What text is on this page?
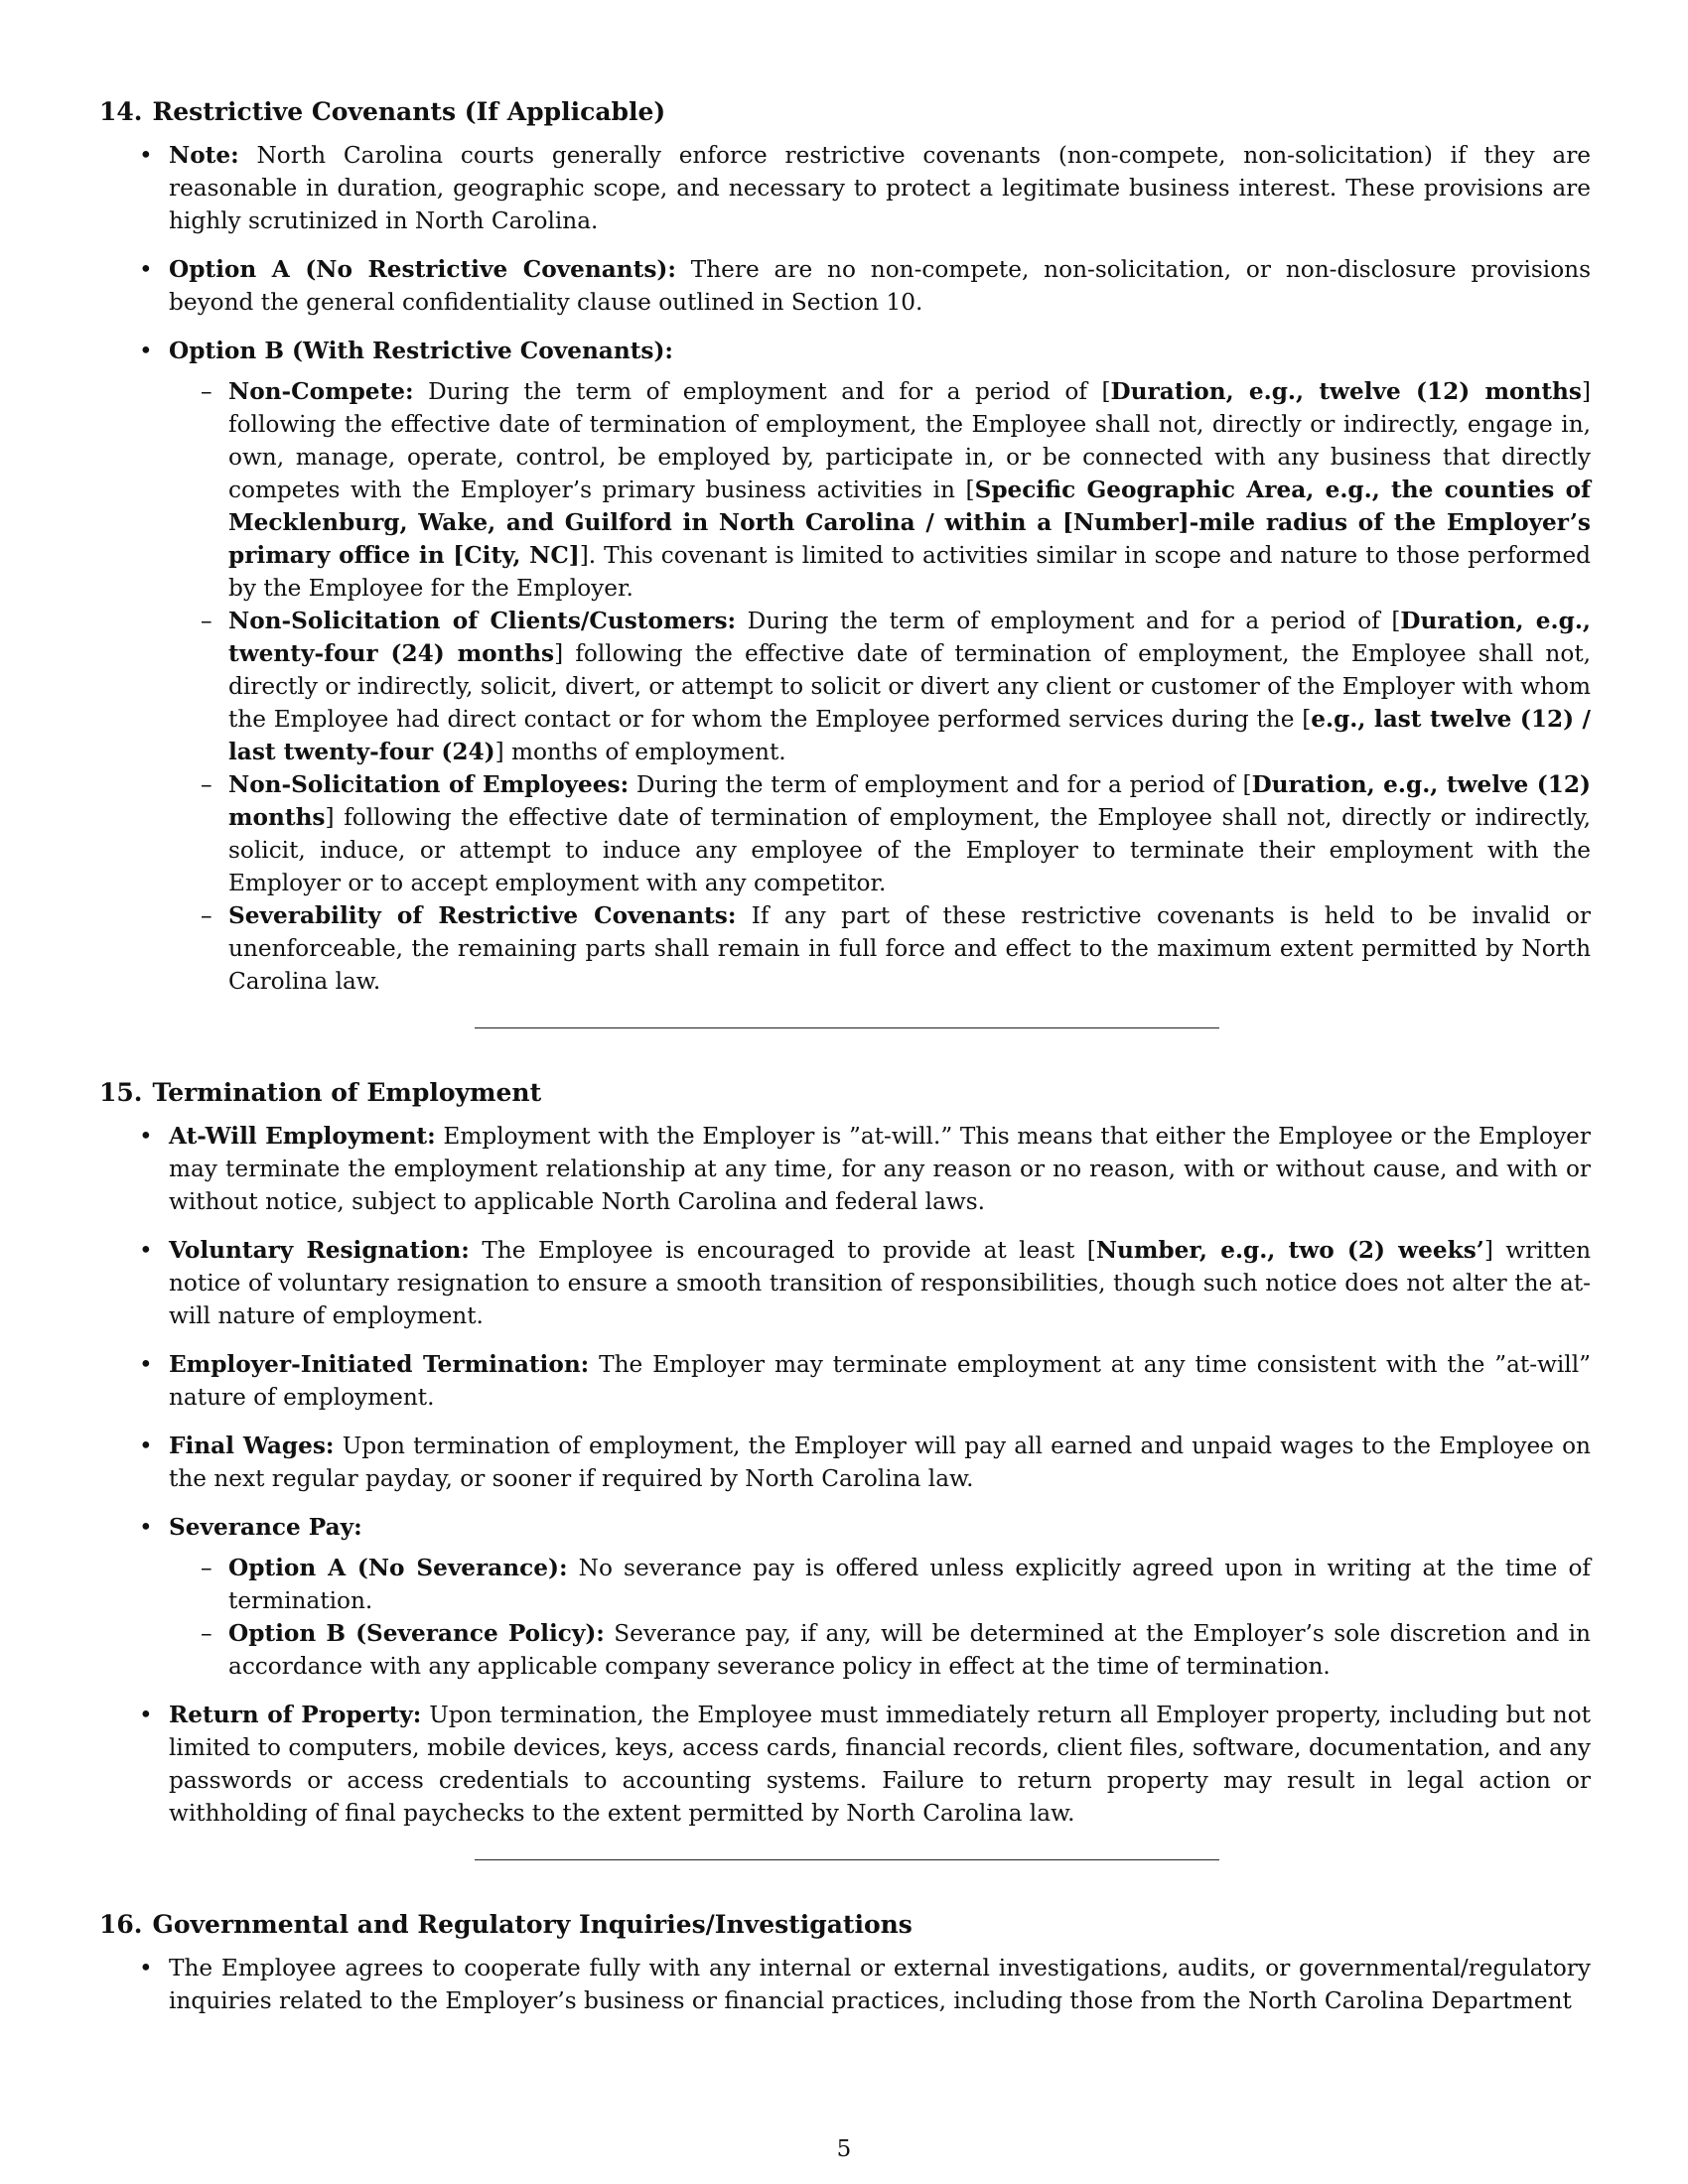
14. Restrictive Covenants (If Applicable)
• Note: North Carolina courts generally enforce restrictive covenants (non-compete, non-solicitation) if they are reasonable in duration, geographic scope, and necessary to protect a legitimate business interest. These provisions are highly scrutinized in North Carolina.
• Option A (No Restrictive Covenants): There are no non-compete, non-solicitation, or non-disclosure provisions beyond the general confidentiality clause outlined in Section 10.
• Option B (With Restrictive Covenants):
– Non-Compete: During the term of employment and for a period of [Duration, e.g., twelve (12) months] following the effective date of termination of employment, the Employee shall not, directly or indirectly, engage in, own, manage, operate, control, be employed by, participate in, or be connected with any business that directly competes with the Employer’s primary business activities in [Specific Geographic Area, e.g., the counties of Mecklenburg, Wake, and Guilford in North Carolina / within a [Number]-mile radius of the Employer’s primary office in [City, NC]]. This covenant is limited to activities similar in scope and nature to those performed by the Employee for the Employer.
– Non-Solicitation of Clients/Customers: During the term of employment and for a period of [Duration, e.g., twenty-four (24) months] following the effective date of termination of employment, the Employee shall not, directly or indirectly, solicit, divert, or attempt to solicit or divert any client or customer of the Employer with whom the Employee had direct contact or for whom the Employee performed services during the [e.g., last twelve (12) / last twenty-four (24)] months of employment.
– Non-Solicitation of Employees: During the term of employment and for a period of [Duration, e.g., twelve (12) months] following the effective date of termination of employment, the Employee shall not, directly or indirectly, solicit, induce, or attempt to induce any employee of the Employer to terminate their employment with the Employer or to accept employment with any competitor.
– Severability of Restrictive Covenants: If any part of these restrictive covenants is held to be invalid or unenforceable, the remaining parts shall remain in full force and effect to the maximum extent permitted by North Carolina law.
15. Termination of Employment
• At-Will Employment: Employment with the Employer is ”at-will.” This means that either the Employee or the Employer may terminate the employment relationship at any time, for any reason or no reason, with or without cause, and with or without notice, subject to applicable North Carolina and federal laws.
• Voluntary Resignation: The Employee is encouraged to provide at least [Number, e.g., two (2) weeks’] written notice of voluntary resignation to ensure a smooth transition of responsibilities, though such notice does not alter the at-will nature of employment.
• Employer-Initiated Termination: The Employer may terminate employment at any time consistent with the ”at-will” nature of employment.
• Final Wages: Upon termination of employment, the Employer will pay all earned and unpaid wages to the Employee on the next regular payday, or sooner if required by North Carolina law.
• Severance Pay:
– Option A (No Severance): No severance pay is offered unless explicitly agreed upon in writing at the time of termination.
– Option B (Severance Policy): Severance pay, if any, will be determined at the Employer’s sole discretion and in accordance with any applicable company severance policy in effect at the time of termination.
• Return of Property: Upon termination, the Employee must immediately return all Employer property, including but not limited to computers, mobile devices, keys, access cards, financial records, client files, software, documentation, and any passwords or access credentials to accounting systems. Failure to return property may result in legal action or withholding of final paychecks to the extent permitted by North Carolina law.
16. Governmental and Regulatory Inquiries/Investigations
• The Employee agrees to cooperate fully with any internal or external investigations, audits, or governmental/regulatory inquiries related to the Employer’s business or financial practices, including those from the North Carolina Department
5
